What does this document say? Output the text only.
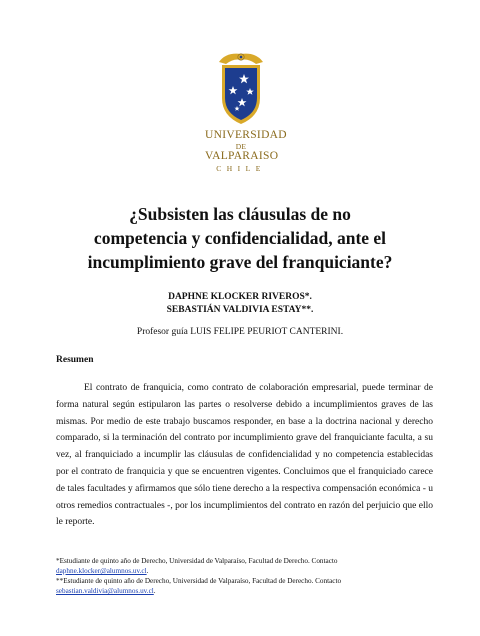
UNIVERSIDAD
DE
VALPARAISO
CHILE
¿Subsisten las cláusulas de no
competencia y confidencialidad, ante el
incumplimiento grave del franquiciante?
DAPHNE KLOCKER RIVEROS*.
SEBASTIÁN VALDIVIA ESTAY**.
Profesor guía LUIS FELIPE PEURIOT CANTERINI.
Resumen

El contrato de franquicia, como contrato de colaboración empresarial, puede terminar de forma natural según estipularon las partes o resolverse debido a incumplimientos graves de las mismas. Por medio de este trabajo buscamos responder, en base a la doctrina nacional y derecho comparado, si la terminación del contrato por incumplimiento grave del franquiciante faculta, a su vez, al franquiciado a incumplir las cláusulas de confidencialidad y no competencia establecidas por el contrato de franquicia y que se encuentren vigentes. Concluimos que el franquiciado carece de tales facultades y afirmamos que sólo tiene derecho a la respectiva compensación económica - u otros remedios contractuales -, por los incumplimientos del contrato en razón del perjuicio que ello le reporte.

*Estudiante de quinto año de Derecho, Universidad de Valparaíso, Facultad de Derecho. Contacto
daphne.klocker@alumnos.uv.cl.
**Estudiante de quinto año de Derecho, Universidad de Valparaíso, Facultad de Derecho. Contacto
sebastian.valdivia@alumnos.uv.cl.
